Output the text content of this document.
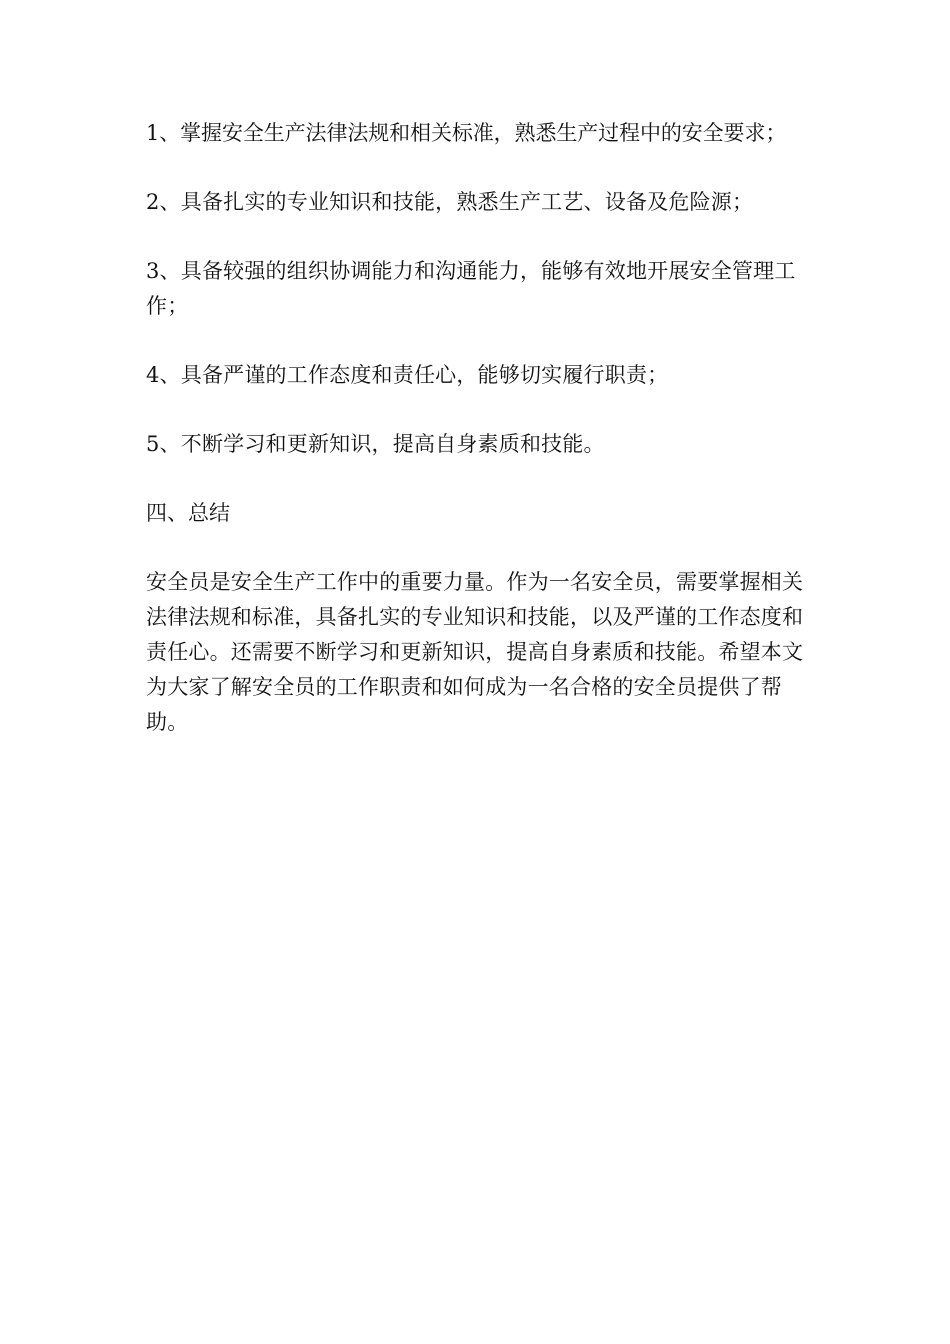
1、掌握安全生产法律法规和相关标准，熟悉生产过程中的安全要求；

2、具备扎实的专业知识和技能，熟悉生产工艺、设备及危险源；

3、具备较强的组织协调能力和沟通能力，能够有效地开展安全管理工作；

4、具备严谨的工作态度和责任心，能够切实履行职责；

5、不断学习和更新知识，提高自身素质和技能。

四、总结

安全员是安全生产工作中的重要力量。作为一名安全员，需要掌握相关法律法规和标准，具备扎实的专业知识和技能，以及严谨的工作态度和责任心。还需要不断学习和更新知识，提高自身素质和技能。希望本文为大家了解安全员的工作职责和如何成为一名合格的安全员提供了帮助。
